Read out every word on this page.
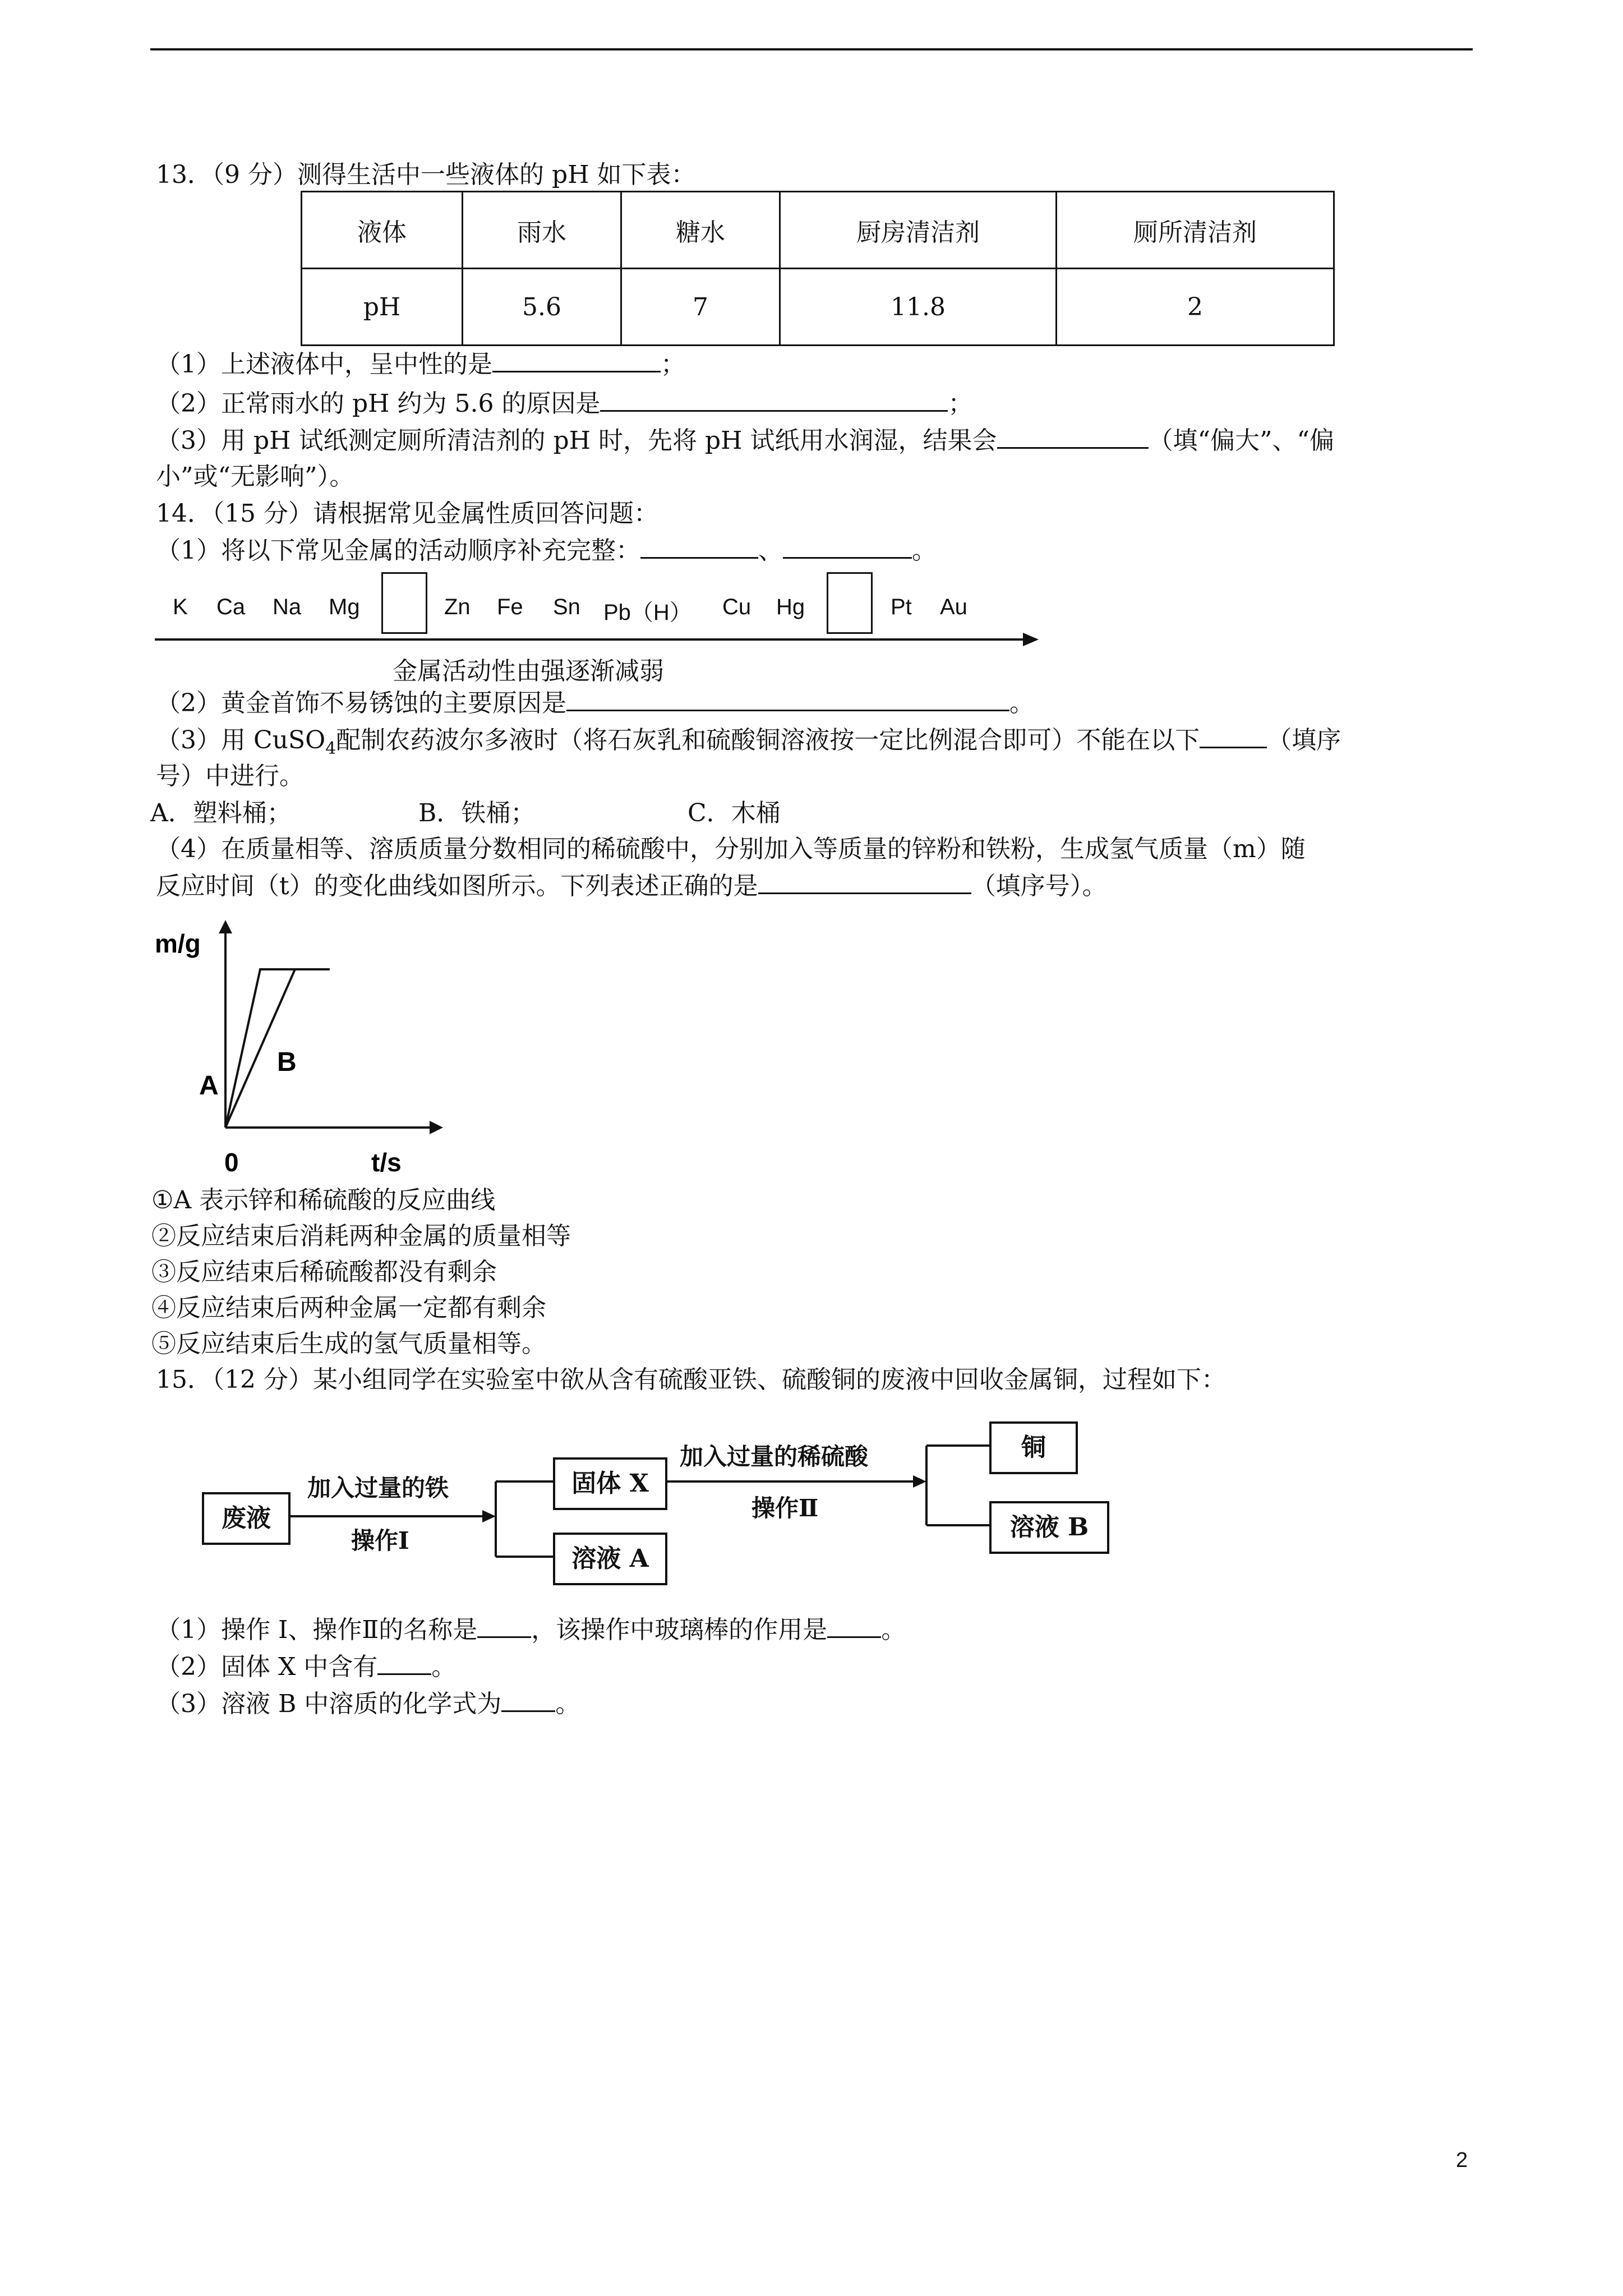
13．（9 分）测得生活中一些液体的 pH 如下表：
液体	雨水	糖水	厨房清洁剂	厕所清洁剂
pH	5.6	7	11.8	2
（1）上述液体中，呈中性的是	；
（2）正常雨水的 pH 约为 5.6 的原因是	；
（3）用 pH 试纸测定厕所清洁剂的 pH 时，先将 pH 试纸用水润湿，结果会	（填“偏大”、“偏
小”或“无影响”）。
14．（15 分）请根据常见金属性质回答问题：
（1）将以下常见金属的活动顺序补充完整：	、	。
K Ca Na Mg	Zn Fe Sn Pb（H） Cu Hg	Pt Au
金属活动性由强逐渐减弱
（2）黄金首饰不易锈蚀的主要原因是	。
（3）用 CuSO$_4$配制农药波尔多液时（将石灰乳和硫酸铜溶液按一定比例混合即可）不能在以下	（填序
号）中进行。
A．塑料桶；	B．铁桶；	C．木桶
（4）在质量相等、溶质质量分数相同的稀硫酸中，分别加入等质量的锌粉和铁粉，生成氢气质量（m）随
反应时间（t）的变化曲线如图所示。下列表述正确的是	（填序号）。
m/g
t/s
0
A
B
①A 表示锌和稀硫酸的反应曲线
②反应结束后消耗两种金属的质量相等
③反应结束后稀硫酸都没有剩余
④反应结束后两种金属一定都有剩余
⑤反应结束后生成的氢气质量相等。
15．（12 分）某小组同学在实验室中欲从含有硫酸亚铁、硫酸铜的废液中回收金属铜，过程如下：
废液
固体 X
溶液 A
铜
溶液 B
加入过量的铁
操作Ⅰ
加入过量的稀硫酸
操作Ⅱ
（1）操作 I、操作Ⅱ的名称是 ，该操作中玻璃棒的作用是 。
（2）固体 X 中含有 。
（3）溶液 B 中溶质的化学式为 。
2
